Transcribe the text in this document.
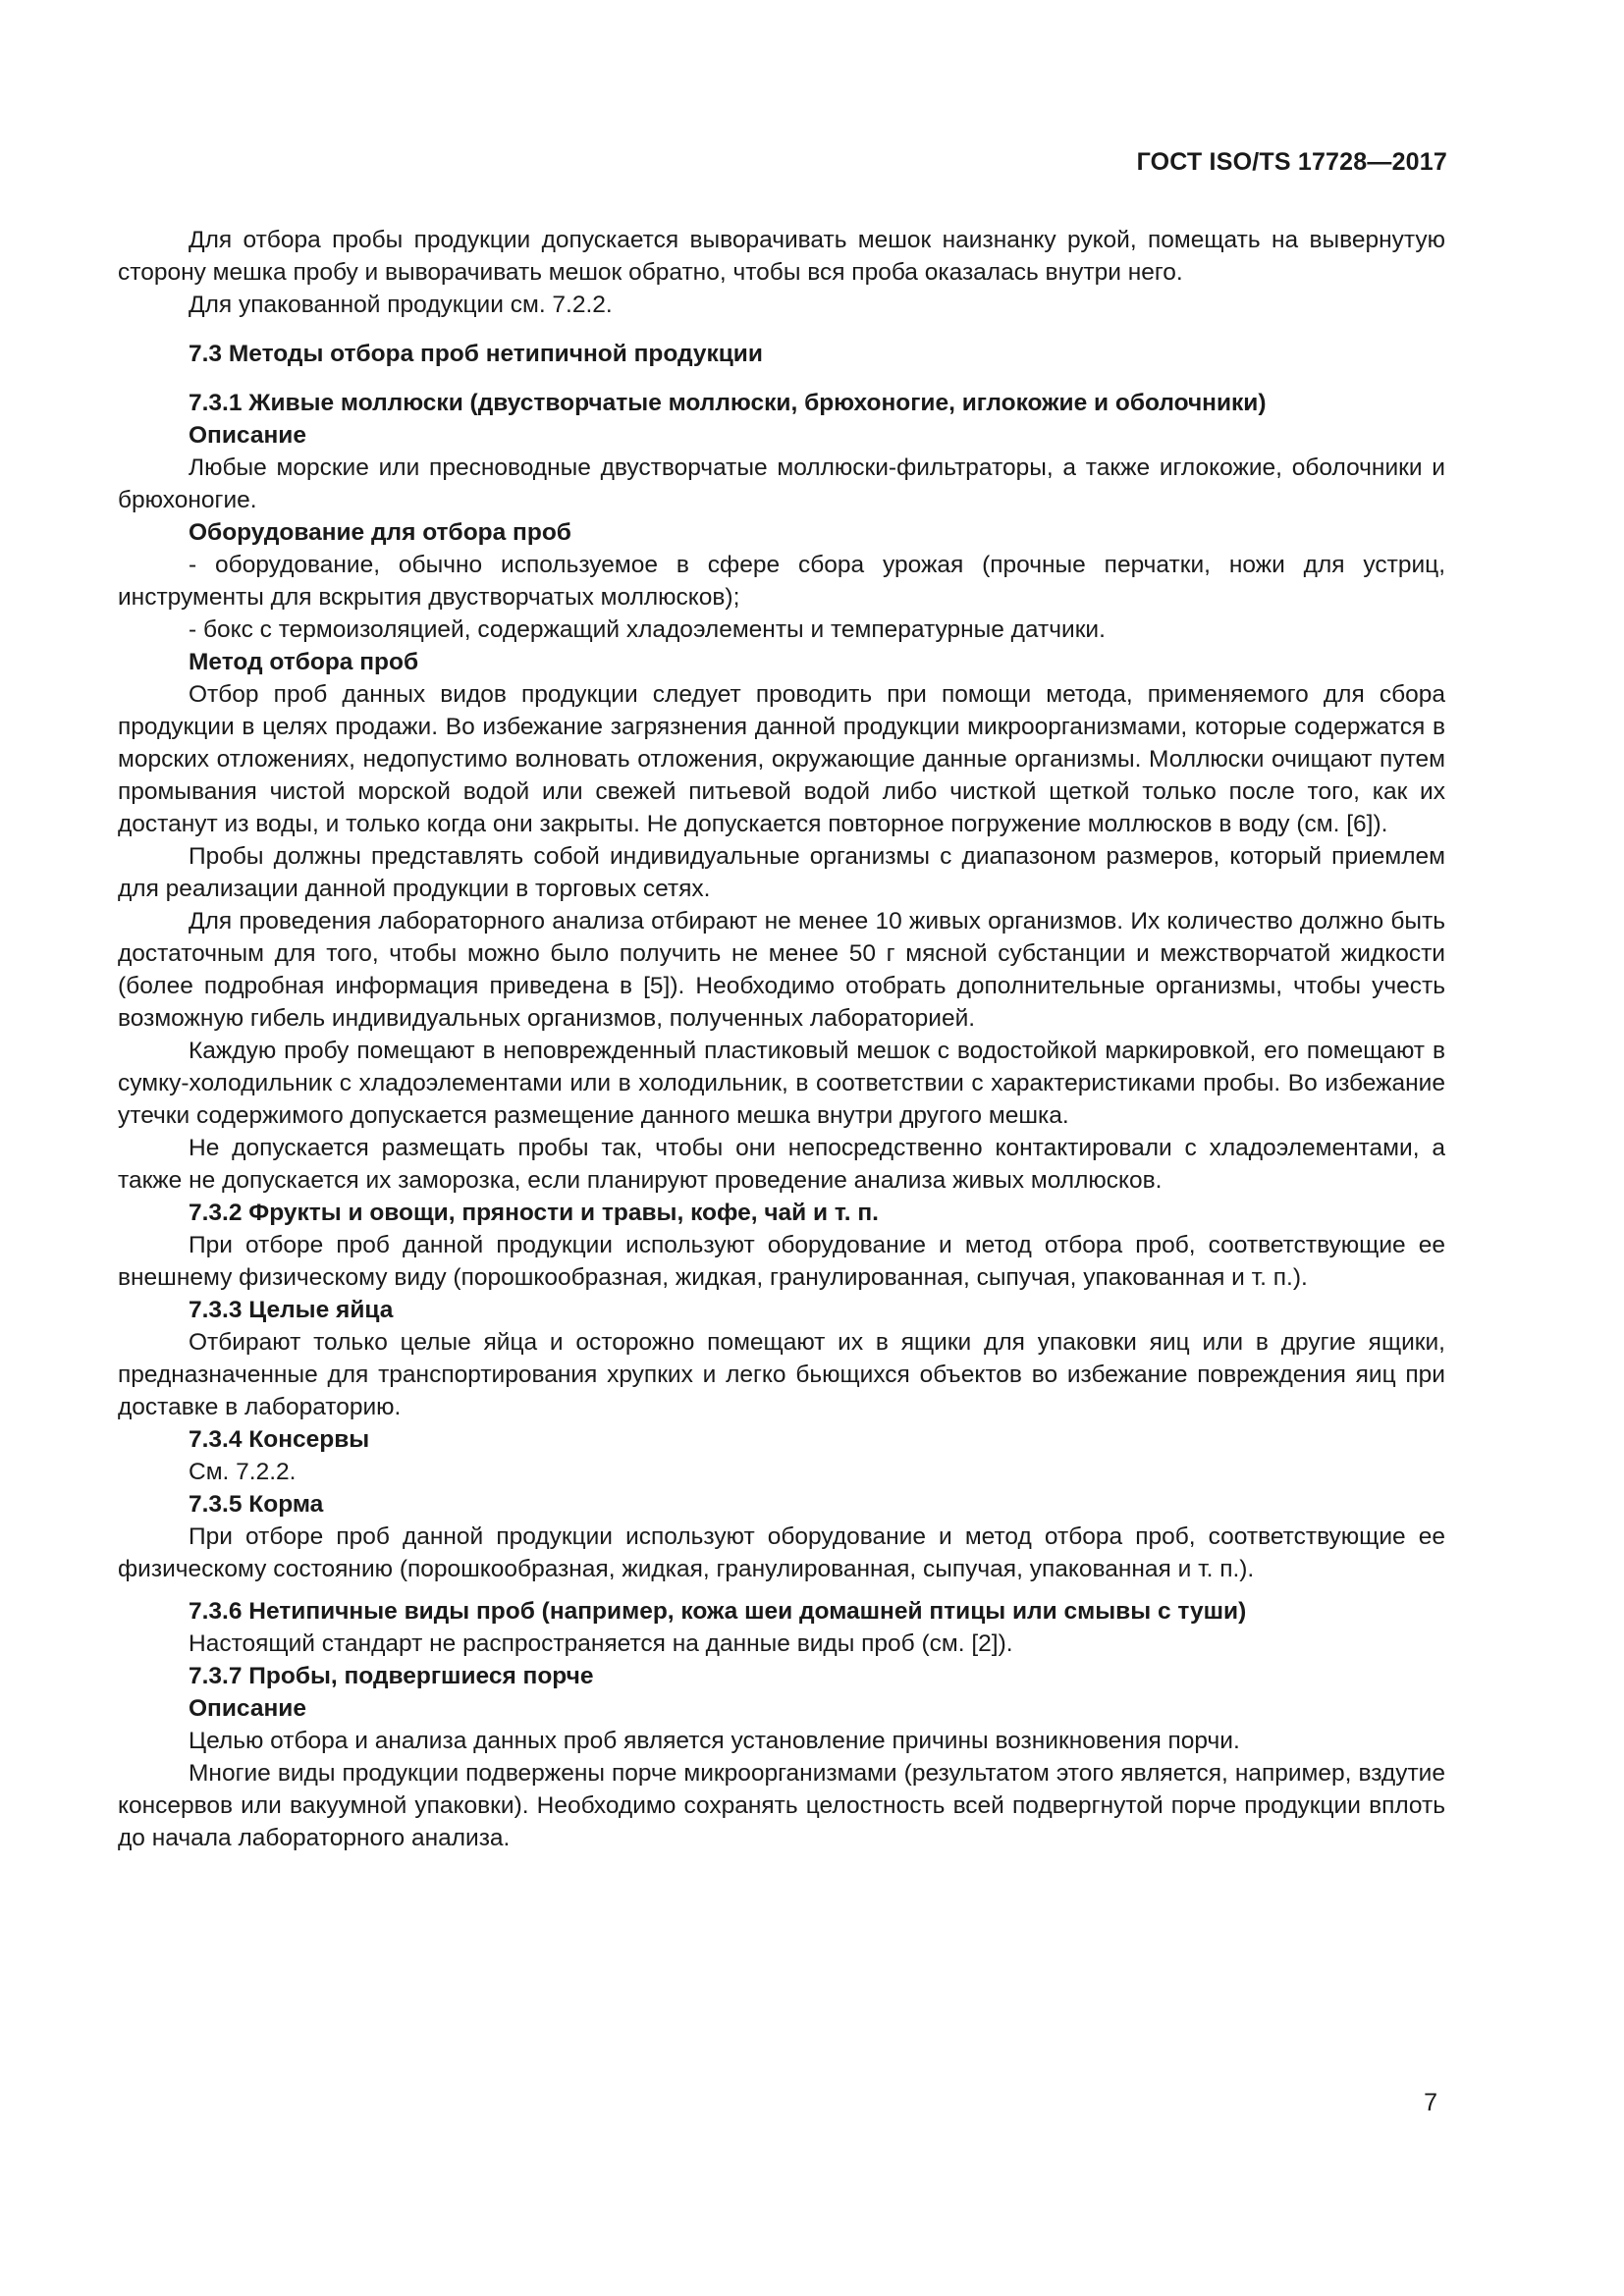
ГОСТ ISO/TS 17728—2017

Для отбора пробы продукции допускается выворачивать мешок наизнанку рукой, помещать на вывернутую сторону мешка пробу и выворачивать мешок обратно, чтобы вся проба оказалась внутри него.

Для упакованной продукции см. 7.2.2.

7.3 Методы отбора проб нетипичной продукции

7.3.1 Живые моллюски (двустворчатые моллюски, брюхоногие, иглокожие и оболочники)

Описание

Любые морские или пресноводные двустворчатые моллюски-фильтраторы, а также иглокожие, оболочники и брюхоногие.

Оборудование для отбора проб

- оборудование, обычно используемое в сфере сбора урожая (прочные перчатки, ножи для устриц, инструменты для вскрытия двустворчатых моллюсков);

- бокс с термоизоляцией, содержащий хладоэлементы и температурные датчики.

Метод отбора проб

Отбор проб данных видов продукции следует проводить при помощи метода, применяемого для сбора продукции в целях продажи. Во избежание загрязнения данной продукции микроорганизмами, которые содержатся в морских отложениях, недопустимо волновать отложения, окружающие данные организмы. Моллюски очищают путем промывания чистой морской водой или свежей питьевой водой либо чисткой щеткой только после того, как их достанут из воды, и только когда они закрыты. Не допускается повторное погружение моллюсков в воду (см. [6]).

Пробы должны представлять собой индивидуальные организмы с диапазоном размеров, который приемлем для реализации данной продукции в торговых сетях.

Для проведения лабораторного анализа отбирают не менее 10 живых организмов. Их количество должно быть достаточным для того, чтобы можно было получить не менее 50 г мясной субстанции и межстворчатой жидкости (более подробная информация приведена в [5]). Необходимо отобрать дополнительные организмы, чтобы учесть возможную гибель индивидуальных организмов, полученных лабораторией.

Каждую пробу помещают в неповрежденный пластиковый мешок с водостойкой маркировкой, его помещают в сумку-холодильник с хладоэлементами или в холодильник, в соответствии с характеристиками пробы. Во избежание утечки содержимого допускается размещение данного мешка внутри другого мешка.

Не допускается размещать пробы так, чтобы они непосредственно контактировали с хладоэлементами, а также не допускается их заморозка, если планируют проведение анализа живых моллюсков.

7.3.2 Фрукты и овощи, пряности и травы, кофе, чай и т. п.

При отборе проб данной продукции используют оборудование и метод отбора проб, соответствующие ее внешнему физическому виду (порошкообразная, жидкая, гранулированная, сыпучая, упакованная и т. п.).

7.3.3 Целые яйца

Отбирают только целые яйца и осторожно помещают их в ящики для упаковки яиц или в другие ящики, предназначенные для транспортирования хрупких и легко бьющихся объектов во избежание повреждения яиц при доставке в лабораторию.

7.3.4 Консервы

См. 7.2.2.

7.3.5 Корма

При отборе проб данной продукции используют оборудование и метод отбора проб, соответствующие ее физическому состоянию (порошкообразная, жидкая, гранулированная, сыпучая, упакованная и т. п.).

7.3.6 Нетипичные виды проб (например, кожа шеи домашней птицы или смывы с туши)

Настоящий стандарт не распространяется на данные виды проб (см. [2]).

7.3.7 Пробы, подвергшиеся порче

Описание

Целью отбора и анализа данных проб является установление причины возникновения порчи.

Многие виды продукции подвержены порче микроорганизмами (результатом этого является, например, вздутие консервов или вакуумной упаковки). Необходимо сохранять целостность всей подвергнутой порче продукции вплоть до начала лабораторного анализа.

7
